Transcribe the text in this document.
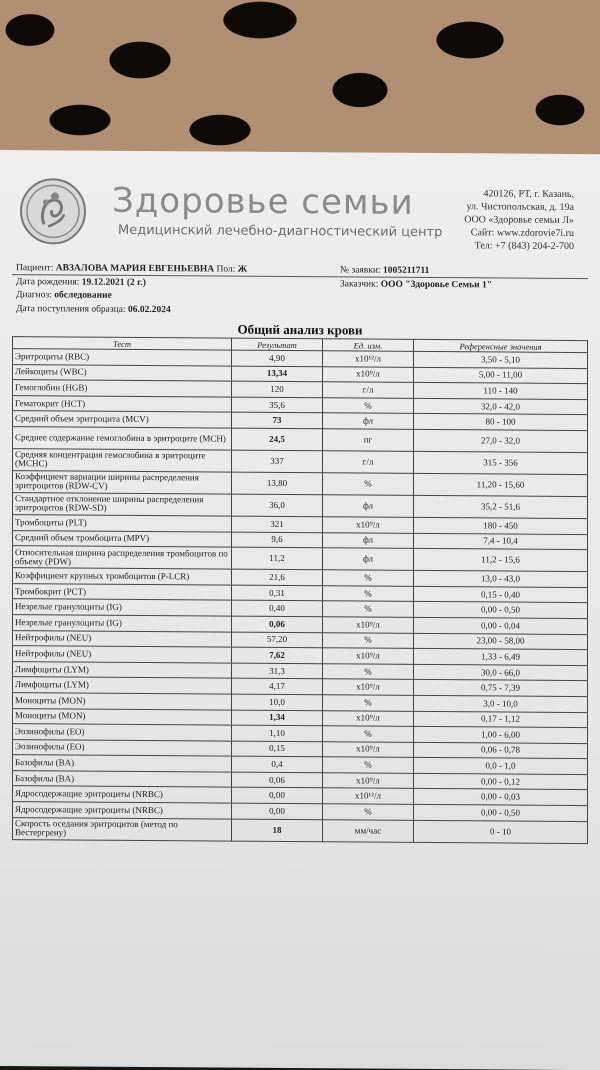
Здоровье семьи
Медицинский лечебно-диагностический центр
420126, РТ, г. Казань,
ул. Чистопольская, д. 19а
ООО «Здоровье семьи Л»
Сайт: www.zdorovie7i.ru
Тел: +7 (843) 204-2-700
Пациент: АВЗАЛОВА МАРИЯ ЕВГЕНЬЕВНА Пол: Ж
Дата рождения: 19.12.2021 (2 г.)
Диагноз: обследование
Дата поступления образца: 06.02.2024
№ заявки: 1005211711
Заказчик: ООО "Здоровье Семьи 1"
Общий анализ крови
Тест	Результат	Ед. изм.	Референсные значения
Эритроциты (RBC)	4,90	x10¹²/л	3,50 - 5,10
Лейкоциты (WBC)	13,34	x10⁹/л	5,00 - 11,00
Гемоглобин (HGB)	120	г/л	110 - 140
Гематокрит (HCT)	35,6	%	32,0 - 42,0
Средний объем эритроцита (MCV)	73	фл	80 - 100
Среднее содержание гемоглобина в эритроците (MCH)	24,5	пг	27,0 - 32,0
Средняя концентрация гемоглобина в эритроците (MCHC)	337	г/л	315 - 356
Коэффициент вариации ширины распределения эритроцитов (RDW-CV)	13,80	%	11,20 - 15,60
Стандартное отклонение ширины распределения эритроцитов (RDW-SD)	36,0	фл	35,2 - 51,6
Тромбоциты (PLT)	321	x10⁹/л	180 - 450
Средний объем тромбоцита (MPV)	9,6	фл	7,4 - 10,4
Относительная ширина распределения тромбоцитов по объему (PDW)	11,2	фл	11,2 - 15,6
Коэффициент крупных тромбоцитов (P-LCR)	21,6	%	13,0 - 43,0
Тромбокрит (PCT)	0,31	%	0,15 - 0,40
Незрелые гранулоциты (IG)	0,40	%	0,00 - 0,50
Незрелые гранулоциты (IG)	0,06	x10⁹/л	0,00 - 0,04
Нейтрофилы (NEU)	57,20	%	23,00 - 58,00
Нейтрофилы (NEU)	7,62	x10⁹/л	1,33 - 6,49
Лимфоциты (LYM)	31,3	%	30,0 - 66,0
Лимфоциты (LYM)	4,17	x10⁹/л	0,75 - 7,39
Моноциты (MON)	10,0	%	3,0 - 10,0
Моноциты (MON)	1,34	x10⁹/л	0,17 - 1,12
Эозинофилы (EO)	1,10	%	1,00 - 6,00
Эозинофилы (EO)	0,15	x10⁹/л	0,06 - 0,78
Базофилы (BA)	0,4	%	0,0 - 1,0
Базофилы (BA)	0,06	x10⁹/л	0,00 - 0,12
Ядросодержащие эритроциты (NRBC)	0,00	x10¹²/л	0,00 - 0,03
Ядросодержащие эритроциты (NRBC)	0,00	%	0,00 - 0,50
Скорость оседания эритроцитов (метод по Вестергрену)	18	мм/час	0 - 10
